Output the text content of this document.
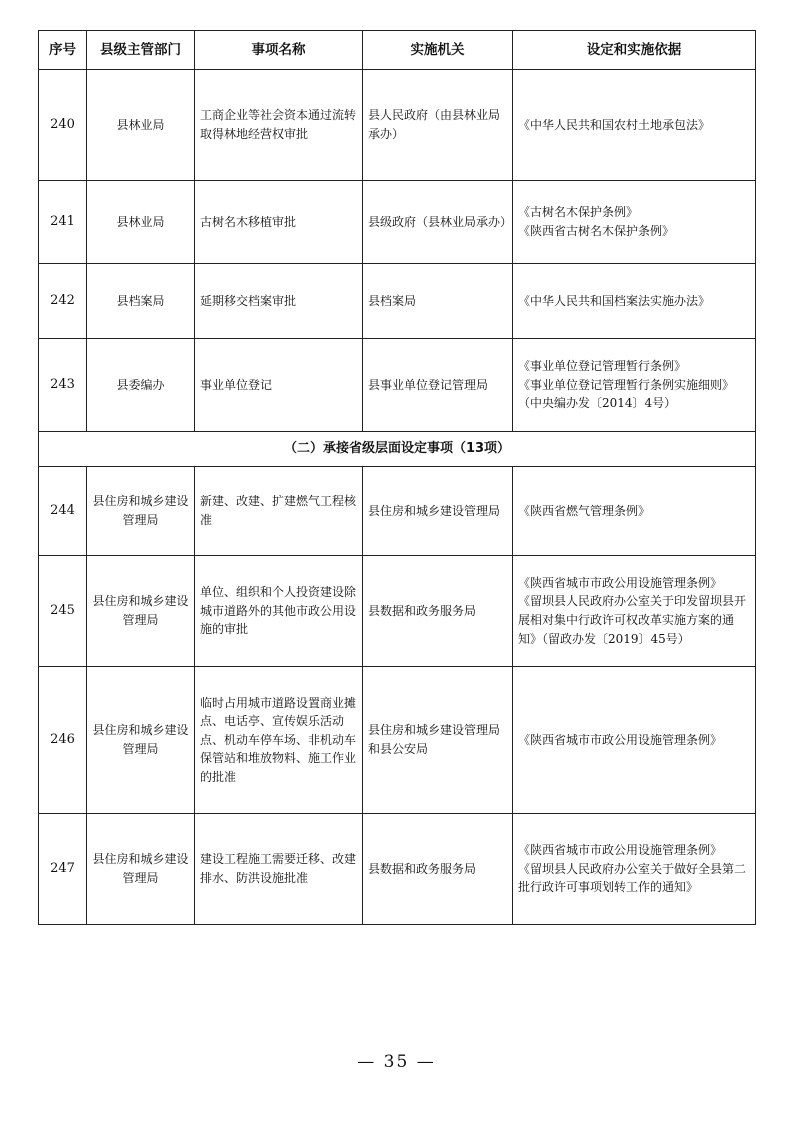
序号	县级主管部门	事项名称	实施机关	设定和实施依据
240	县林业局	工商企业等社会资本通过流转取得林地经营权审批	县人民政府（由县林业局承办）	《中华人民共和国农村土地承包法》

241	县林业局	古树名木移植审批	县级政府（县林业局承办）	《古树名木保护条例》
《陕西省古树名木保护条例》

242	县档案局	延期移交档案审批	县档案局	《中华人民共和国档案法实施办法》

243	县委编办	事业单位登记	县事业单位登记管理局	《事业单位登记管理暂行条例》
《事业单位登记管理暂行条例实施细则》（中央编办发〔2014〕4号）

（二）承接省级层面设定事项（13项）				
244	县住房和城乡建设管理局	新建、改建、扩建燃气工程核准	县住房和城乡建设管理局	《陕西省燃气管理条例》

245	县住房和城乡建设管理局	单位、组织和个人投资建设除城市道路外的其他市政公用设施的审批	县数据和政务服务局	《陕西省城市市政公用设施管理条例》
《留坝县人民政府办公室关于印发留坝县开展相对集中行政许可权改革实施方案的通知》（留政办发〔2019〕45号）

246	县住房和城乡建设管理局	临时占用城市道路设置商业摊点、电话亭、宣传娱乐活动点、机动车停车场、非机动车保管站和堆放物料、施工作业的批准	县住房和城乡建设管理局和县公安局	《陕西省城市市政公用设施管理条例》

247	县住房和城乡建设管理局	建设工程施工需要迁移、改建排水、防洪设施批准	县数据和政务服务局	《陕西省城市市政公用设施管理条例》
《留坝县人民政府办公室关于做好全县第二批行政许可事项划转工作的通知》
— 35 —
